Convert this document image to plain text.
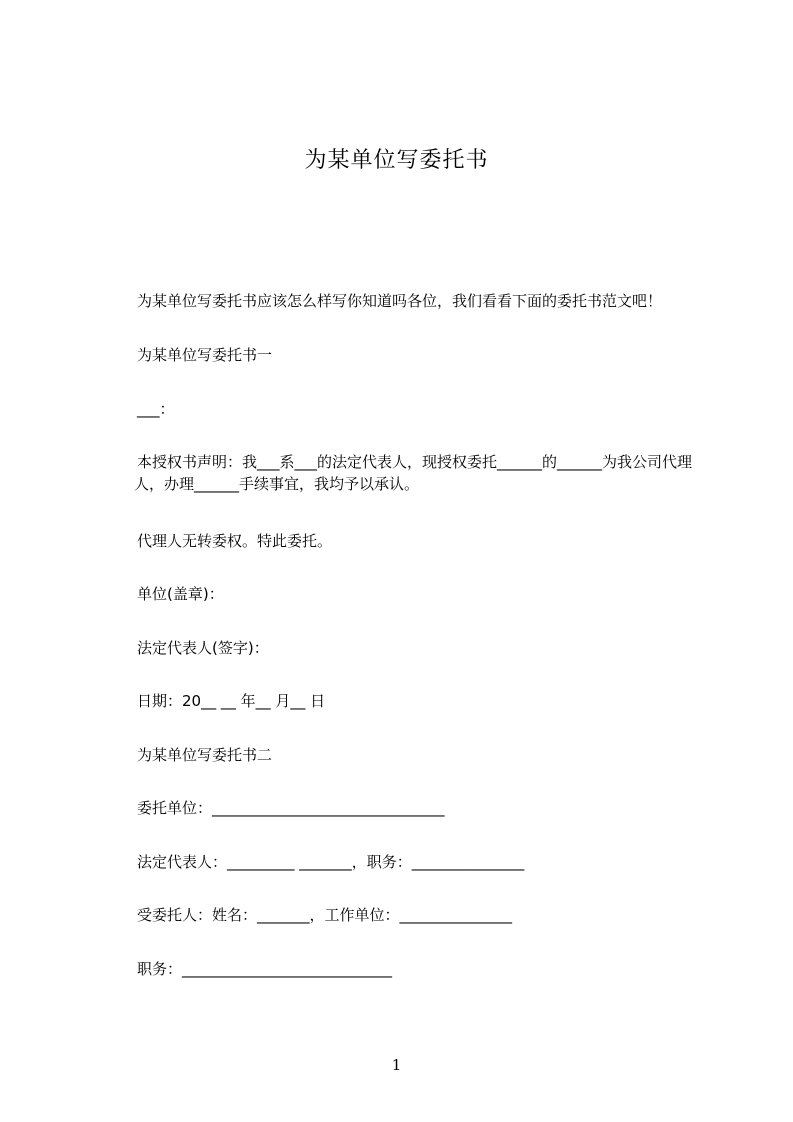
为某单位写委托书
为某单位写委托书应该怎么样写你知道吗各位，我们看看下面的委托书范文吧！
为某单位写委托书一
___：
本授权书声明：我___系___的法定代表人，现授权委托______的______为我公司代理人，办理______手续事宜，我均予以承认。
代理人无转委权。特此委托。
单位(盖章)：
法定代表人(签字)：
日期：20__ __ 年__ 月__ 日
为某单位写委托书二
委托单位：_______________________________
法定代表人：_________ _______，职务：_______________
受委托人：姓名：_______，工作单位：_______________
职务：____________________________
1
